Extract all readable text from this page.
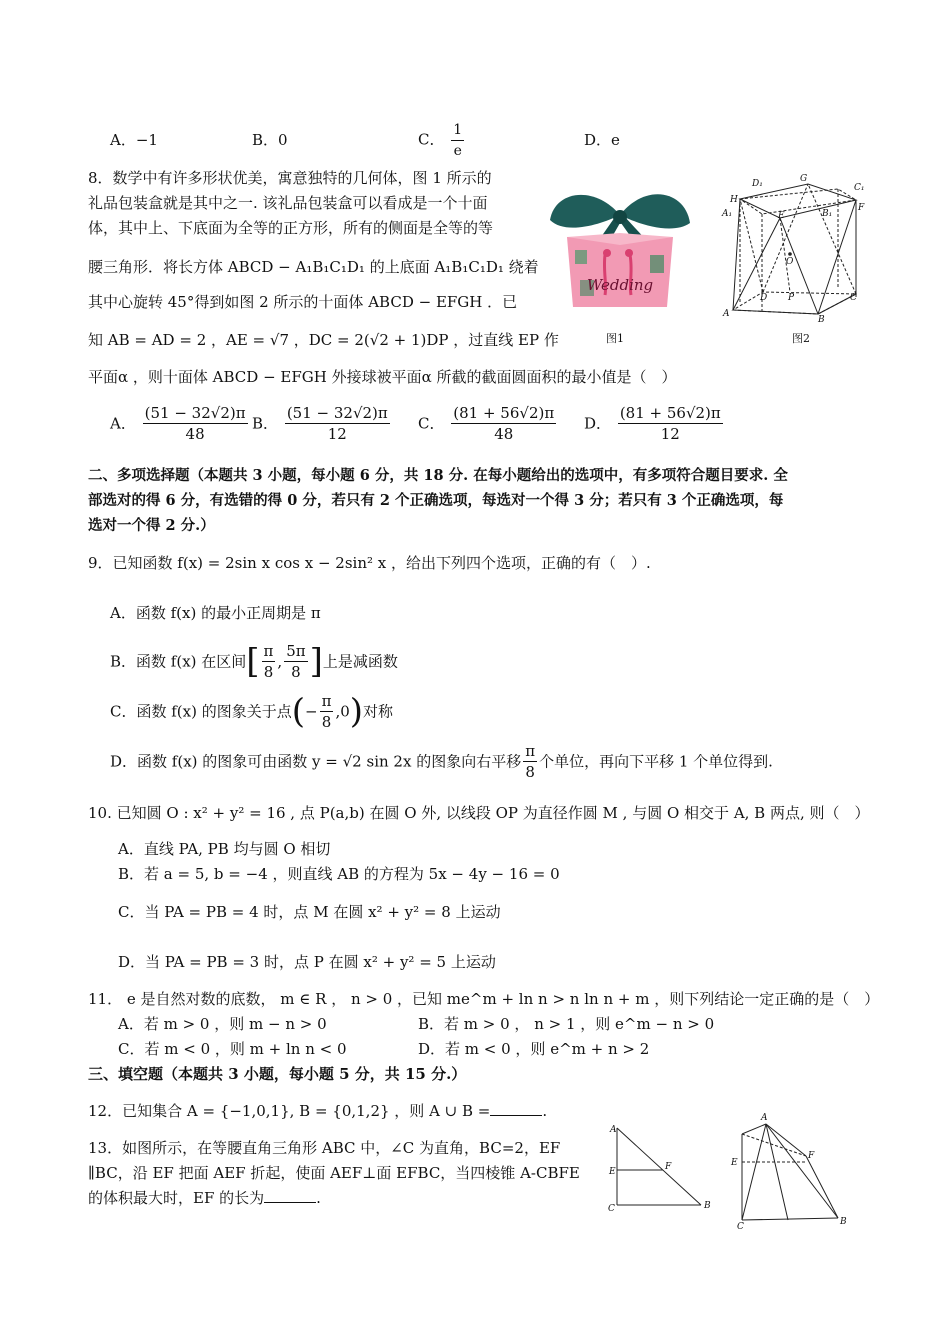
A．−1	B．0	C． $\frac{1}{e}$	D．e
8．数学中有许多形状优美，寓意独特的几何体，图 1 所示的
礼品包装盒就是其中之一. 该礼品包装盒可以看成是一个十面
体，其中上、下底面为全等的正方形，所有的侧面是全等的等
腰三角形．将长方体 ABCD − A₁B₁C₁D₁ 的上底面 A₁B₁C₁D₁ 绕着
其中心旋转 45°得到如图 2 所示的十面体 ABCD − EFGH ．已
知 AB = AD = 2 ，AE = √7 ，DC = 2(√2 + 1)DP ，过直线 EP 作
平面α ，则十面体 ABCD − EFGH 外接球被平面α 所截的截面圆面积的最小值是（　）
Wedding
图1
D₁	G
C₁
H
A₁
F
B₁
E
O
D P	C
A
B
图2
A． $\frac{(51 - 32√2)\pi}{48}$ B． $\frac{(51 - 32√2)\pi}{12}$ C． $\frac{(81 + 56√2)\pi}{48}$ D． $\frac{(81 + 56√2)\pi}{12}$
二、多项选择题（本题共 3 小题，每小题 6 分，共 18 分. 在每小题给出的选项中，有多项符合题目要求. 全
部选对的得 6 分，有选错的得 0 分，若只有 2 个正确选项，每选对一个得 3 分；若只有 3 个正确选项，每
选对一个得 2 分.）
9．已知函数 f(x) = 2sin x cos x − 2sin² x ，给出下列四个选项，正确的有（　）.
A．函数 f(x) 的最小正周期是 π
B．函数 f(x) 在区间[ $\frac{\pi}{8}$ , $\frac{5\pi}{8}$ ]上是减函数
C．函数 f(x) 的图象关于点(− $\frac{\pi}{8} ,0$)对称
D．函数 f(x) 的图象可由函数 y = √2 sin 2x 的图象向右平移 $\frac{\pi}{8}$ 个单位，再向下平移 1 个单位得到.
10. 已知圆 O : x² + y² = 16 , 点 P(a,b) 在圆 O 外, 以线段 OP 为直径作圆 M , 与圆 O 相交于 A, B 两点, 则（　）
A．直线 PA, PB 均与圆 O 相切
B．若 a = 5, b = −4 ，则直线 AB 的方程为 5x − 4y − 16 = 0
C．当 PA = PB = 4 时，点 M 在圆 x² + y² = 8 上运动
D．当 PA = PB = 3 时，点 P 在圆 x² + y² = 5 上运动
11． e 是自然对数的底数， m ∈ R ， n > 0 ，已知 me^m + ln n > n ln n + m ，则下列结论一定正确的是（　）
A．若 m > 0 ，则 m − n > 0	B．若 m > 0 ， n > 1 ，则 e^m − n > 0
C．若 m < 0 ，则 m + ln n < 0	D．若 m < 0 ，则 e^m + n > 2
三、填空题（本题共 3 小题，每小题 5 分，共 15 分.）
12．已知集合 A = {−1,0,1}, B = {0,1,2} ，则 A ∪ B =	.
13．如图所示，在等腰直角三角形 ABC 中，∠C 为直角，BC=2，EF
∥BC，沿 EF 把面 AEF 折起，使面 AEF⊥面 EFBC，当四棱锥 A-CBFE
的体积最大时，EF 的长为	.
A
E	F
C	B
A
E
F
C	B
